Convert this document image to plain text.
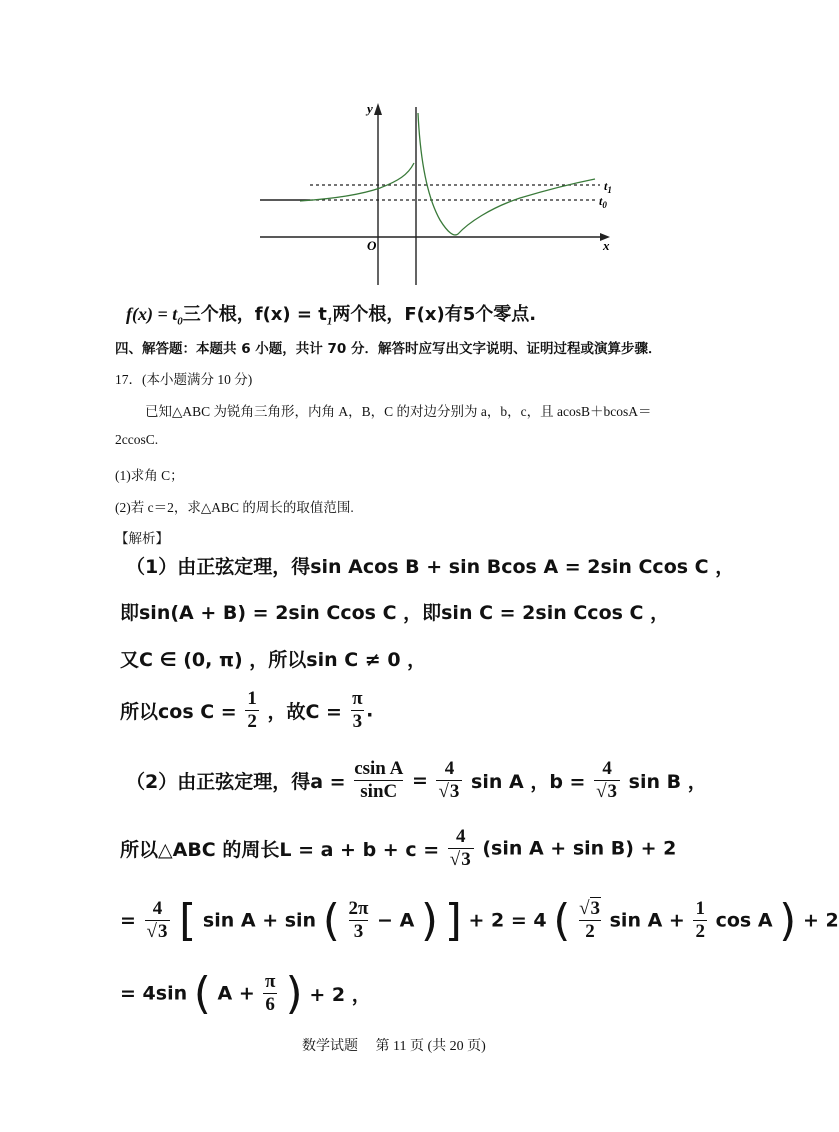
y
x
O
$t_1$
$t_0$
$f(x) = t_0$三个根，$f(x) = t_1$两个根，F(x)有5个零点.
四、解答题：本题共 6 小题，共计 70 分．解答时应写出文字说明、证明过程或演算步骤．
17．(本小题满分 10 分)
已知△ABC 为锐角三角形，内角 A，B，C 的对边分别为 a，b，c，且 acosB＋bcosA＝
2ccosC.
(1)求角 C；
(2)若 c＝2，求△ABC 的周长的取值范围.
【解析】
（1）由正弦定理，得sin Acos B + sin Bcos A = 2sin Ccos C ，
即sin(A + B) = 2sin Ccos C ，即sin C = 2sin Ccos C ，
又C ∈ (0, π) ，所以sin C ≠ 0 ，
所以$\cos C = \frac{1}{2}$ ，故$C = \frac{\pi}{3}$ .
（2）由正弦定理，得$a = \frac{\text{csin A}}{\sin C} = \frac{4}{√3}$ sin A ，$b = \frac{4}{√3}$ sin B ，
所以△ABC 的周长$L = a + b + c = \frac{4}{√3} (\sin$ A + sin B) + 2
= $\frac{4}{√3}$ [ sin A + sin ( $\frac{2\pi}{3} - A$ ) ] + 2 = 4 ( $\frac{√3}{2}$ $\sin A + \frac{1}{2}$ cos A ) + 2
= 4sin ( $A + \frac{\pi}{6}$ ) + 2 ，
数学试题　 第 11 页 (共 20 页)
